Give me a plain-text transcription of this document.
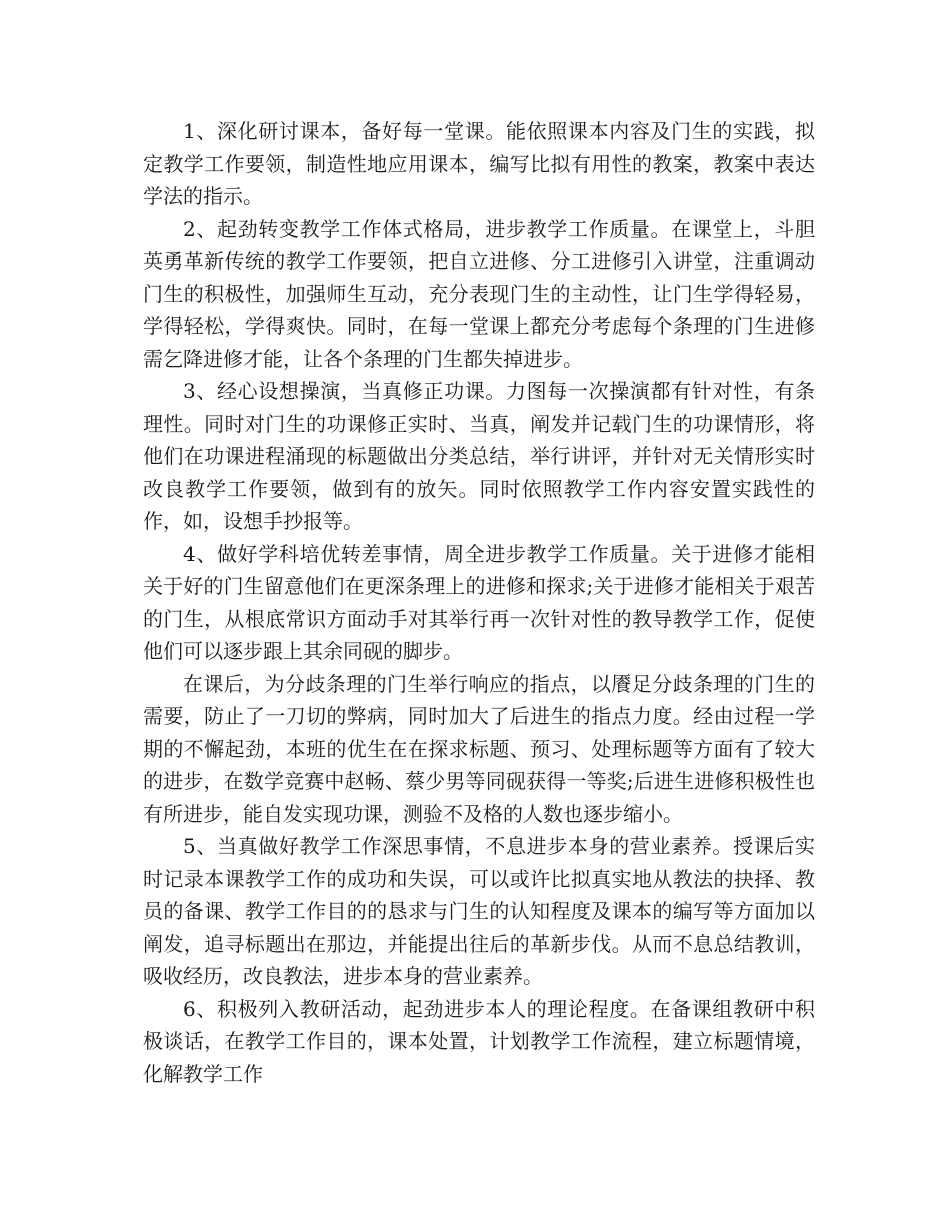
1、深化研讨课本，备好每一堂课。能依照课本内容及门生的实践，拟定教学工作要领，制造性地应用课本，编写比拟有用性的教案，教案中表达学法的指示。

2、起劲转变教学工作体式格局，进步教学工作质量。在课堂上，斗胆英勇革新传统的教学工作要领，把自立进修、分工进修引入讲堂，注重调动门生的积极性，加强师生互动，充分表现门生的主动性，让门生学得轻易，学得轻松，学得爽快。同时，在每一堂课上都充分考虑每个条理的门生进修需乞降进修才能，让各个条理的门生都失掉进步。

3、经心设想操演，当真修正功课。力图每一次操演都有针对性，有条理性。同时对门生的功课修正实时、当真，阐发并记载门生的功课情形，将他们在功课进程涌现的标题做出分类总结，举行讲评，并针对无关情形实时改良教学工作要领，做到有的放矢。同时依照教学工作内容安置实践性的作，如，设想手抄报等。

4、做好学科培优转差事情，周全进步教学工作质量。关于进修才能相关于好的门生留意他们在更深条理上的进修和探求;关于进修才能相关于艰苦的门生，从根底常识方面动手对其举行再一次针对性的教导教学工作，促使他们可以逐步跟上其余同砚的脚步。

在课后，为分歧条理的门生举行响应的指点，以餍足分歧条理的门生的需要，防止了一刀切的弊病，同时加大了后进生的指点力度。经由过程一学期的不懈起劲，本班的优生在在探求标题、预习、处理标题等方面有了较大的进步，在数学竞赛中赵畅、蔡少男等同砚获得一等奖;后进生进修积极性也有所进步，能自发实现功课，测验不及格的人数也逐步缩小。

5、当真做好教学工作深思事情，不息进步本身的营业素养。授课后实时记录本课教学工作的成功和失误，可以或许比拟真实地从教法的抉择、教员的备课、教学工作目的的恳求与门生的认知程度及课本的编写等方面加以阐发，追寻标题出在那边，并能提出往后的革新步伐。从而不息总结教训，吸收经历，改良教法，进步本身的营业素养。

6、积极列入教研活动，起劲进步本人的理论程度。在备课组教研中积极谈话，在教学工作目的，课本处置，计划教学工作流程，建立标题情境，化解教学工作
